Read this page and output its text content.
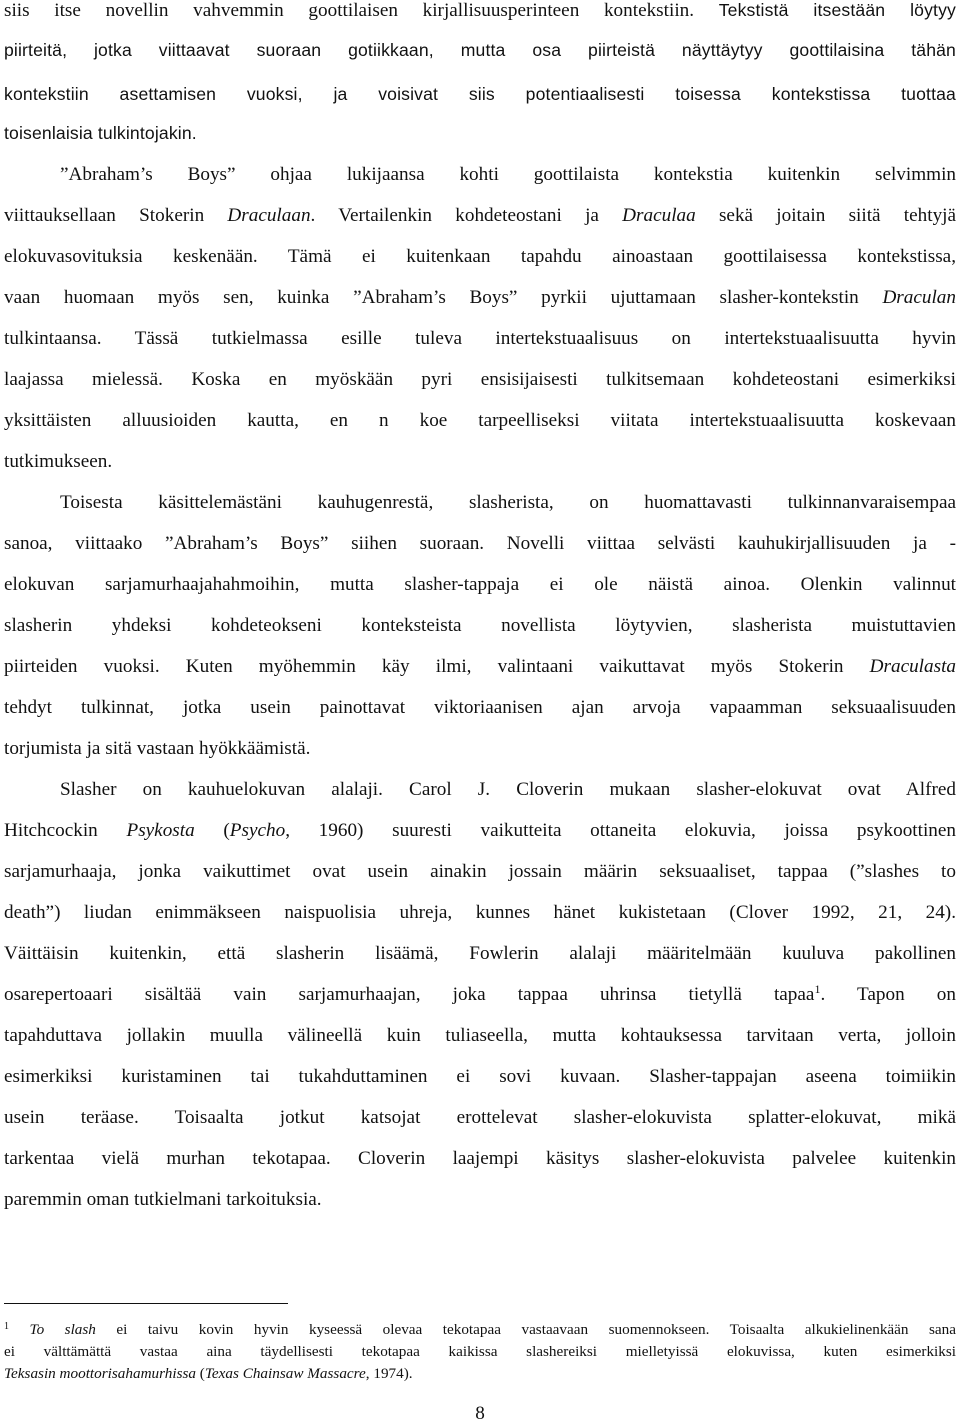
siis itse novellin vahvemmin goottilaisen kirjallisuusperinteen kontekstiin. Tekstistä itsestään löytyy
piirteitä, jotka viittaavat suoraan gotiikkaan, mutta osa piirteistä näyttäytyy goottilaisina tähän
kontekstiin asettamisen vuoksi, ja voisivat siis potentiaalisesti toisessa kontekstissa tuottaa
toisenlaisia tulkintojakin.
”Abraham’s Boys” ohjaa lukijaansa kohti goottilaista kontekstia kuitenkin selvimmin
viittauksellaan Stokerin Draculaan. Vertailenkin kohdeteostani ja Draculaa sekä joitain siitä tehtyjä
elokuvasovituksia keskenään. Tämä ei kuitenkaan tapahdu ainoastaan goottilaisessa kontekstissa,
vaan huomaan myös sen, kuinka ”Abraham’s Boys” pyrkii ujuttamaan slasher-kontekstin Draculan
tulkintaansa. Tässä tutkielmassa esille tuleva intertekstuaalisuus on intertekstuaalisuutta hyvin
laajassa mielessä. Koska en myöskään pyri ensisijaisesti tulkitsemaan kohdeteostani esimerkiksi
yksittäisten alluusioiden kautta, en n koe tarpeelliseksi viitata intertekstuaalisuutta koskevaan
tutkimukseen.
Toisesta käsittelemästäni kauhugenrestä, slasherista, on huomattavasti tulkinnanvaraisempaa
sanoa, viittaako ”Abraham’s Boys” siihen suoraan. Novelli viittaa selvästi kauhukirjallisuuden ja -
elokuvan sarjamurhaajahahmoihin, mutta slasher-tappaja ei ole näistä ainoa. Olenkin valinnut
slasherin yhdeksi kohdeteokseni konteksteista novellista löytyvien, slasherista muistuttavien
piirteiden vuoksi. Kuten myöhemmin käy ilmi, valintaani vaikuttavat myös Stokerin Draculasta
tehdyt tulkinnat, jotka usein painottavat viktoriaanisen ajan arvoja vapaamman seksuaalisuuden
torjumista ja sitä vastaan hyökkäämistä.
Slasher on kauhuelokuvan alalaji. Carol J. Cloverin mukaan slasher-elokuvat ovat Alfred
Hitchcockin Psykosta (Psycho, 1960) suuresti vaikutteita ottaneita elokuvia, joissa psykoottinen
sarjamurhaaja, jonka vaikuttimet ovat usein ainakin jossain määrin seksuaaliset, tappaa (”slashes to
death”) liudan enimmäkseen naispuolisia uhreja, kunnes hänet kukistetaan (Clover 1992, 21, 24).
Väittäisin kuitenkin, että slasherin lisäämä, Fowlerin alalaji määritelmään kuuluva pakollinen
osarepertoaari sisältää vain sarjamurhaajan, joka tappaa uhrinsa tietyllä tapaa$^1$. Tapon on
tapahduttava jollakin muulla välineellä kuin tuliaseella, mutta kohtauksessa tarvitaan verta, jolloin
esimerkiksi kuristaminen tai tukahduttaminen ei sovi kuvaan. Slasher-tappajan aseena toimiikin
usein teräase. Toisaalta jotkut katsojat erottelevat slasher-elokuvista splatter-elokuvat, mikä
tarkentaa vielä murhan tekotapaa. Cloverin laajempi käsitys slasher-elokuvista palvelee kuitenkin
paremmin oman tutkielmani tarkoituksia.
$^1$ To slash ei taivu kovin hyvin kyseessä olevaa tekotapaa vastaavaan suomennokseen. Toisaalta alkukielinenkään sana
ei välttämättä vastaa aina täydellisesti tekotapaa kaikissa slashereiksi mielletyissä elokuvissa, kuten esimerkiksi
Teksasin moottorisahamurhissa (Texas Chainsaw Massacre, 1974).
8
